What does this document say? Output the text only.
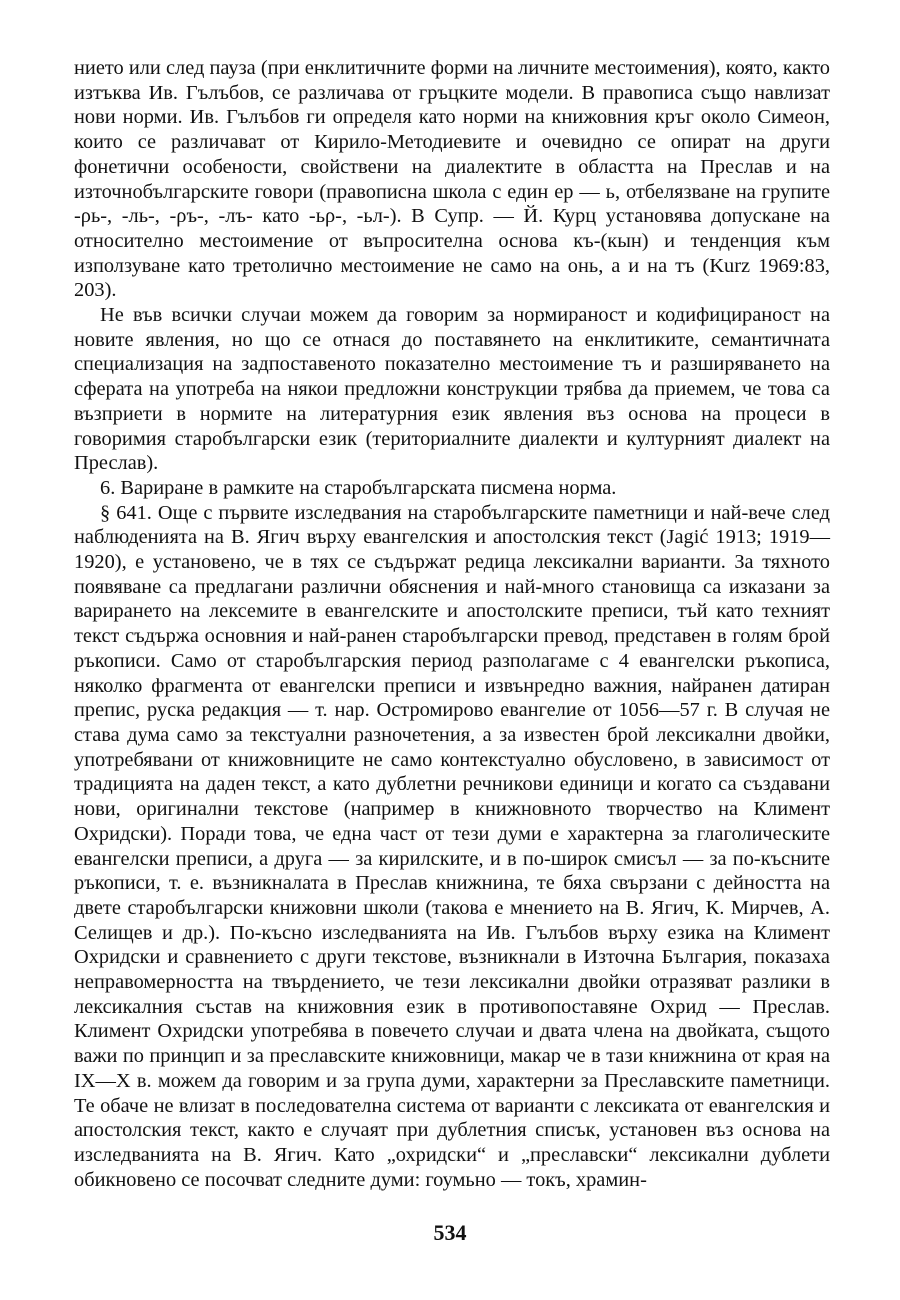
нието или след пауза (при енклитичните форми на личните местоимения), която, както изтъква Ив. Гълъбов, се различава от гръцките модели. В правописа също навлизат нови норми. Ив. Гълъбов ги определя като норми на книжовния кръг около Симеон, които се различават от Кирило-Методиевите и очевидно се опират на други фонетични особености, свойствени на диалектите в областта на Преслав и на източнобългарските говори (правописна школа с един ер — ь, отбелязване на групите -ρь-, -ль-, -ρъ-, -лъ- като -ьρ-, -ьл-). В Супр. — Й. Курц установява допускане на относително местоимение от въпросителна основа къ-(кын) и тенденция към използуване като третолично местоимение не само на онь, а и на тъ (Kurz 1969:83, 203).

Не във всички случаи можем да говорим за нормираност и кодифицираност на новите явления, но що се отнася до поставянето на енклитиките, семантичната специализация на задпоставеното показателно местоимение тъ и разширяването на сферата на употреба на някои предложни конструкции трябва да приемем, че това са възприети в нормите на литературния език явления въз основа на процеси в говоримия старобългарски език (териториалните диалекти и културният диалект на Преслав).

6. Вариране в рамките на старобългарската писмена норма.

§ 641. Още с първите изследвания на старобългарските паметници и най-вече след наблюденията на В. Ягич върху евангелския и апостолския текст (Jagić 1913; 1919—1920), е установено, че в тях се съдържат редица лексикални варианти. За тяхното появяване са предлагани различни обяснения и най-много становища са изказани за варирането на лексемите в евангелските и апостолските преписи, тъй като техният текст съдържа основния и най-ранен старобългарски превод, представен в голям брой ръкописи. Само от старобългарския период разполагаме с 4 евангелски ръкописа, няколко фрагмента от евангелски преписи и извънредно важния, найранен датиран препис, руска редакция — т. нар. Остромирово евангелие от 1056—57 г. В случая не става дума само за текстуални разночетения, а за известен брой лексикални двойки, употребявани от книжовниците не само контекстуално обусловено, в зависимост от традицията на даден текст, а като дублетни речникови единици и когато са създавани нови, оригинални текстове (например в книжновното творчество на Климент Охридски). Поради това, че една част от тези думи е характерна за глаголическите евангелски преписи, а друга — за кирилските, и в по-широк смисъл — за по-късните ръкописи, т. е. възникналата в Преслав книжнина, те бяха свързани с дейността на двете старобългарски книжовни школи (такова е мнението на В. Ягич, К. Мирчев, А. Селищев и др.). По-късно изследванията на Ив. Гълъбов върху езика на Климент Охридски и сравнението с други текстове, възникнали в Източна България, показаха неправомерността на твърдението, че тези лексикални двойки отразяват разлики в лексикалния състав на книжовния език в противопоставяне Охрид — Преслав. Климент Охридски употребява в повечето случаи и двата члена на двойката, същото важи по принцип и за преславските книжовници, макар че в тази книжнина от края на IX—X в. можем да говорим и за група думи, характерни за Преславските паметници. Те обаче не влизат в последователна система от варианти с лексиката от евангелския и апостолския текст, както е случаят при дублетния списък, установен въз основа на изследванията на В. Ягич. Като „охридски“ и „преславски“ лексикални дублети обикновено се посочват следните думи: гоумьно — токъ, храмин-

534
